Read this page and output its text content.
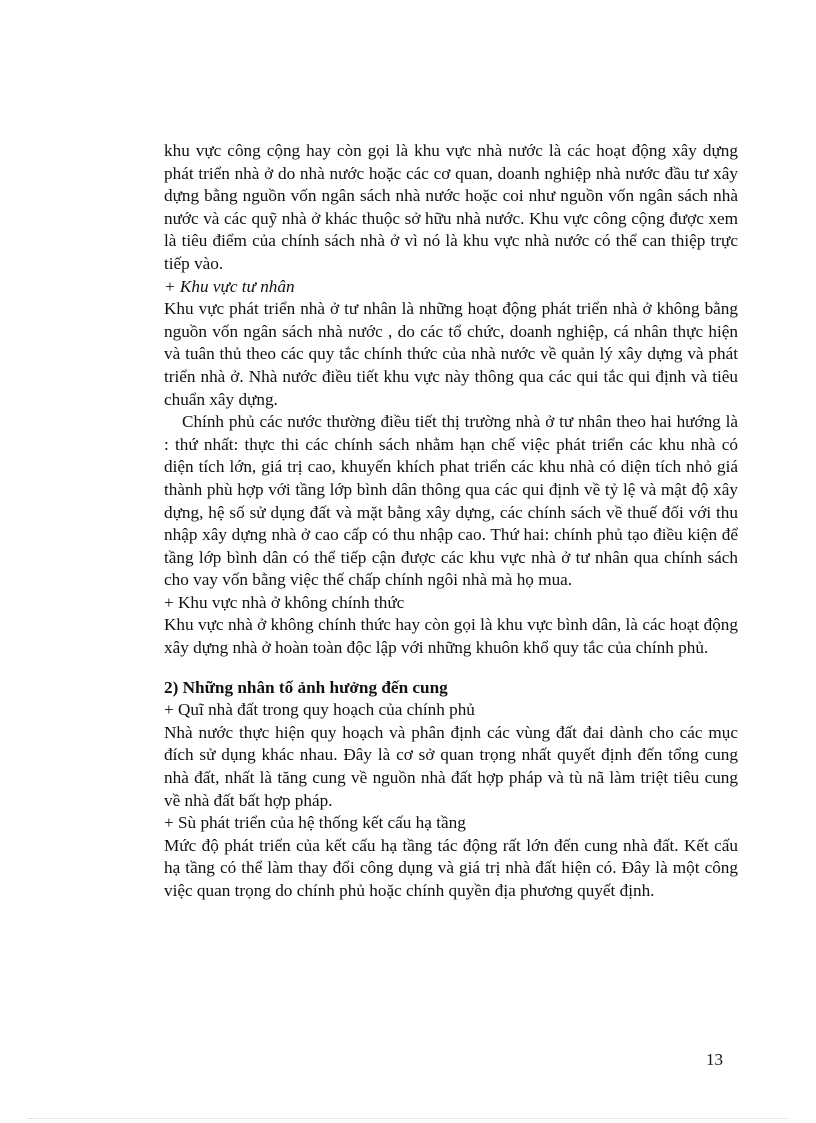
khu vực công cộng hay còn gọi là khu vực nhà nước là các hoạt động xây dựng phát triển nhà ở do nhà nước hoặc các cơ quan, doanh nghiệp nhà nước đầu tư xây dựng bằng nguồn vốn ngân sách nhà nước hoặc coi như nguồn vốn ngân sách nhà nước và các quỹ nhà ở khác thuộc sở hữu nhà nước. Khu vực công cộng được xem là tiêu điểm của chính sách nhà ở vì nó là khu vực nhà nước có thể can thiệp trực tiếp vào.

+ Khu vực tư nhân

Khu vực phát triển nhà ở tư nhân là những hoạt động phát triển nhà ở không bằng nguồn vốn ngân sách nhà nước , do các tổ chức, doanh nghiệp, cá nhân thực hiện và tuân thủ theo các quy tắc chính thức của nhà nước về quản lý xây dựng và phát triển nhà ở. Nhà nước điều tiết khu vực này thông qua các qui tắc qui định và tiêu chuẩn xây dựng.

Chính phủ các nước thường điều tiết thị trường nhà ở tư nhân theo hai hướng là : thứ nhất: thực thi các chính sách nhằm hạn chế việc phát triển các khu nhà có diện tích lớn, giá trị cao, khuyến khích phat triển các khu nhà có diện tích nhỏ giá thành phù hợp với tầng lớp bình dân thông qua các qui định về tỷ lệ và mật độ xây dựng, hệ số sử dụng đất và mặt bằng xây dựng, các chính sách về thuế đối với thu nhập xây dựng nhà ở cao cấp có thu nhập cao. Thứ hai: chính phủ tạo điều kiện để tầng lớp bình dân có thể tiếp cận được các khu vực nhà ở tư nhân qua chính sách cho vay vốn bằng việc thế chấp chính ngôi nhà mà họ mua.

+ Khu vực nhà ở không chính thức

Khu vực nhà ở không chính thức hay còn gọi là khu vực bình dân, là các hoạt động xây dựng nhà ở hoàn toàn độc lập với những khuôn khổ quy tắc của chính phủ.

2) Những nhân tố ảnh hưởng đến cung

+ Quĩ nhà đất trong quy hoạch của chính phủ

Nhà nước thực hiện quy hoạch và phân định các vùng đất đai dành cho các mục đích sử dụng khác nhau. Đây là cơ sở quan trọng nhất quyết định đến tổng cung nhà đất, nhất là tăng cung về nguồn nhà đất hợp pháp và tù nã làm triệt tiêu cung về nhà đất bất hợp pháp.

+ Sù phát triển của hệ thống kết cấu hạ tầng

Mức độ phát triển của kết cấu hạ tầng tác động rất lớn đến cung nhà đất. Kết cấu hạ tầng có thể làm thay đổi công dụng và giá trị nhà đất hiện có. Đây là một công việc quan trọng do chính phủ hoặc chính quyền địa phương quyết định.

13
